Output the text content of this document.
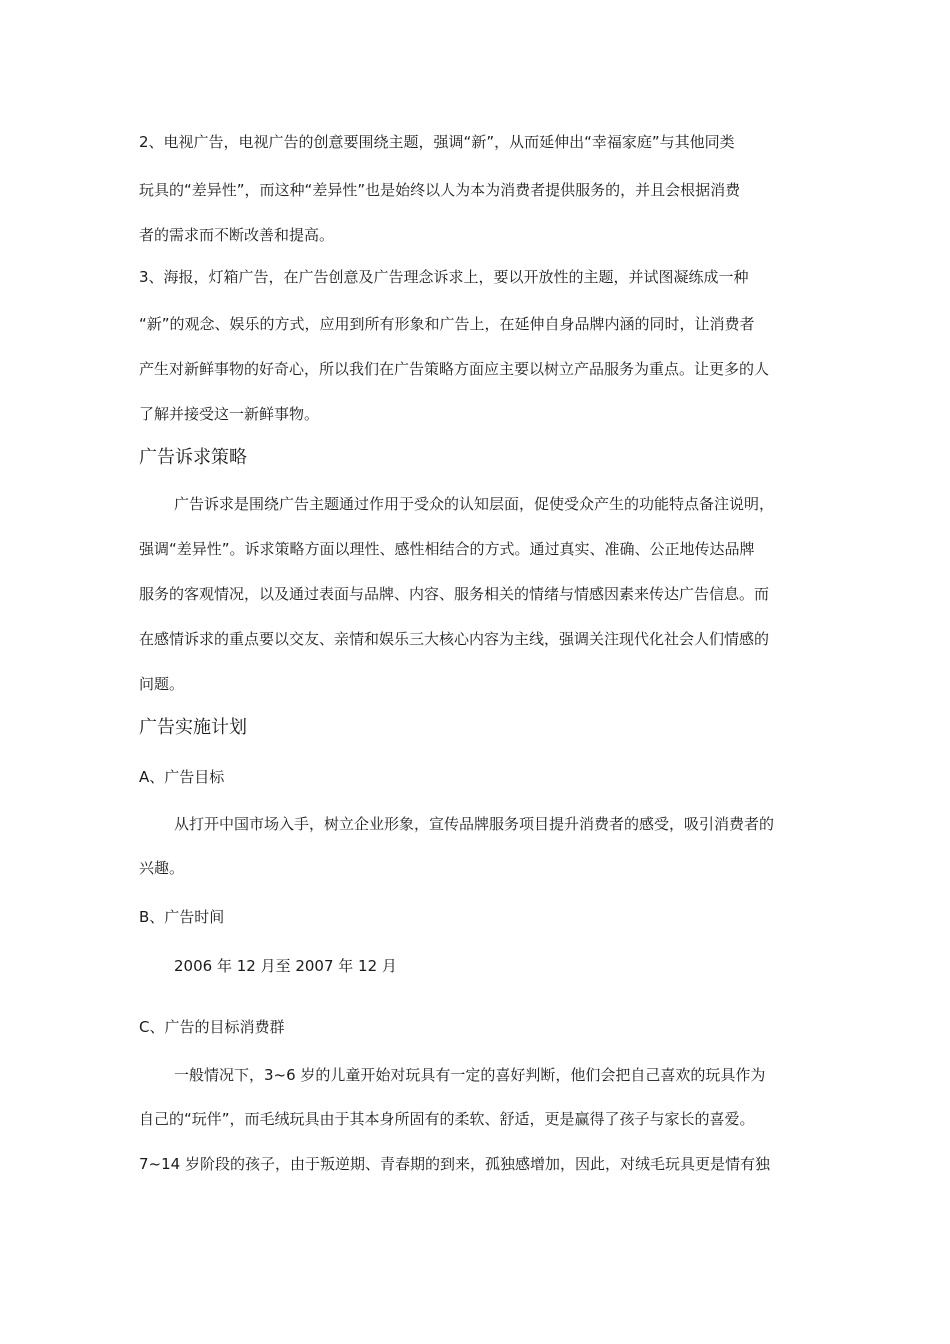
2、电视广告，电视广告的创意要围绕主题，强调“新”，从而延伸出“幸福家庭”与其他同类
玩具的“差异性”，而这种“差异性”也是始终以人为本为消费者提供服务的，并且会根据消费
者的需求而不断改善和提高。
3、海报，灯箱广告，在广告创意及广告理念诉求上，要以开放性的主题，并试图凝练成一种
“新”的观念、娱乐的方式，应用到所有形象和广告上，在延伸自身品牌内涵的同时，让消费者
产生对新鲜事物的好奇心，所以我们在广告策略方面应主要以树立产品服务为重点。让更多的人
了解并接受这一新鲜事物。
广告诉求策略
广告诉求是围绕广告主题通过作用于受众的认知层面，促使受众产生的功能特点备注说明，
强调“差异性”。诉求策略方面以理性、感性相结合的方式。通过真实、准确、公正地传达品牌
服务的客观情况，以及通过表面与品牌、内容、服务相关的情绪与情感因素来传达广告信息。而
在感情诉求的重点要以交友、亲情和娱乐三大核心内容为主线，强调关注现代化社会人们情感的
问题。
广告实施计划
A、广告目标
从打开中国市场入手，树立企业形象，宣传品牌服务项目提升消费者的感受，吸引消费者的
兴趣。
B、广告时间
2006 年 12 月至 2007 年 12 月
C、广告的目标消费群
一般情况下，3~6 岁的儿童开始对玩具有一定的喜好判断，他们会把自己喜欢的玩具作为
自己的“玩伴”，而毛绒玩具由于其本身所固有的柔软、舒适，更是赢得了孩子与家长的喜爱。
7~14 岁阶段的孩子，由于叛逆期、青春期的到来，孤独感增加，因此，对绒毛玩具更是情有独
